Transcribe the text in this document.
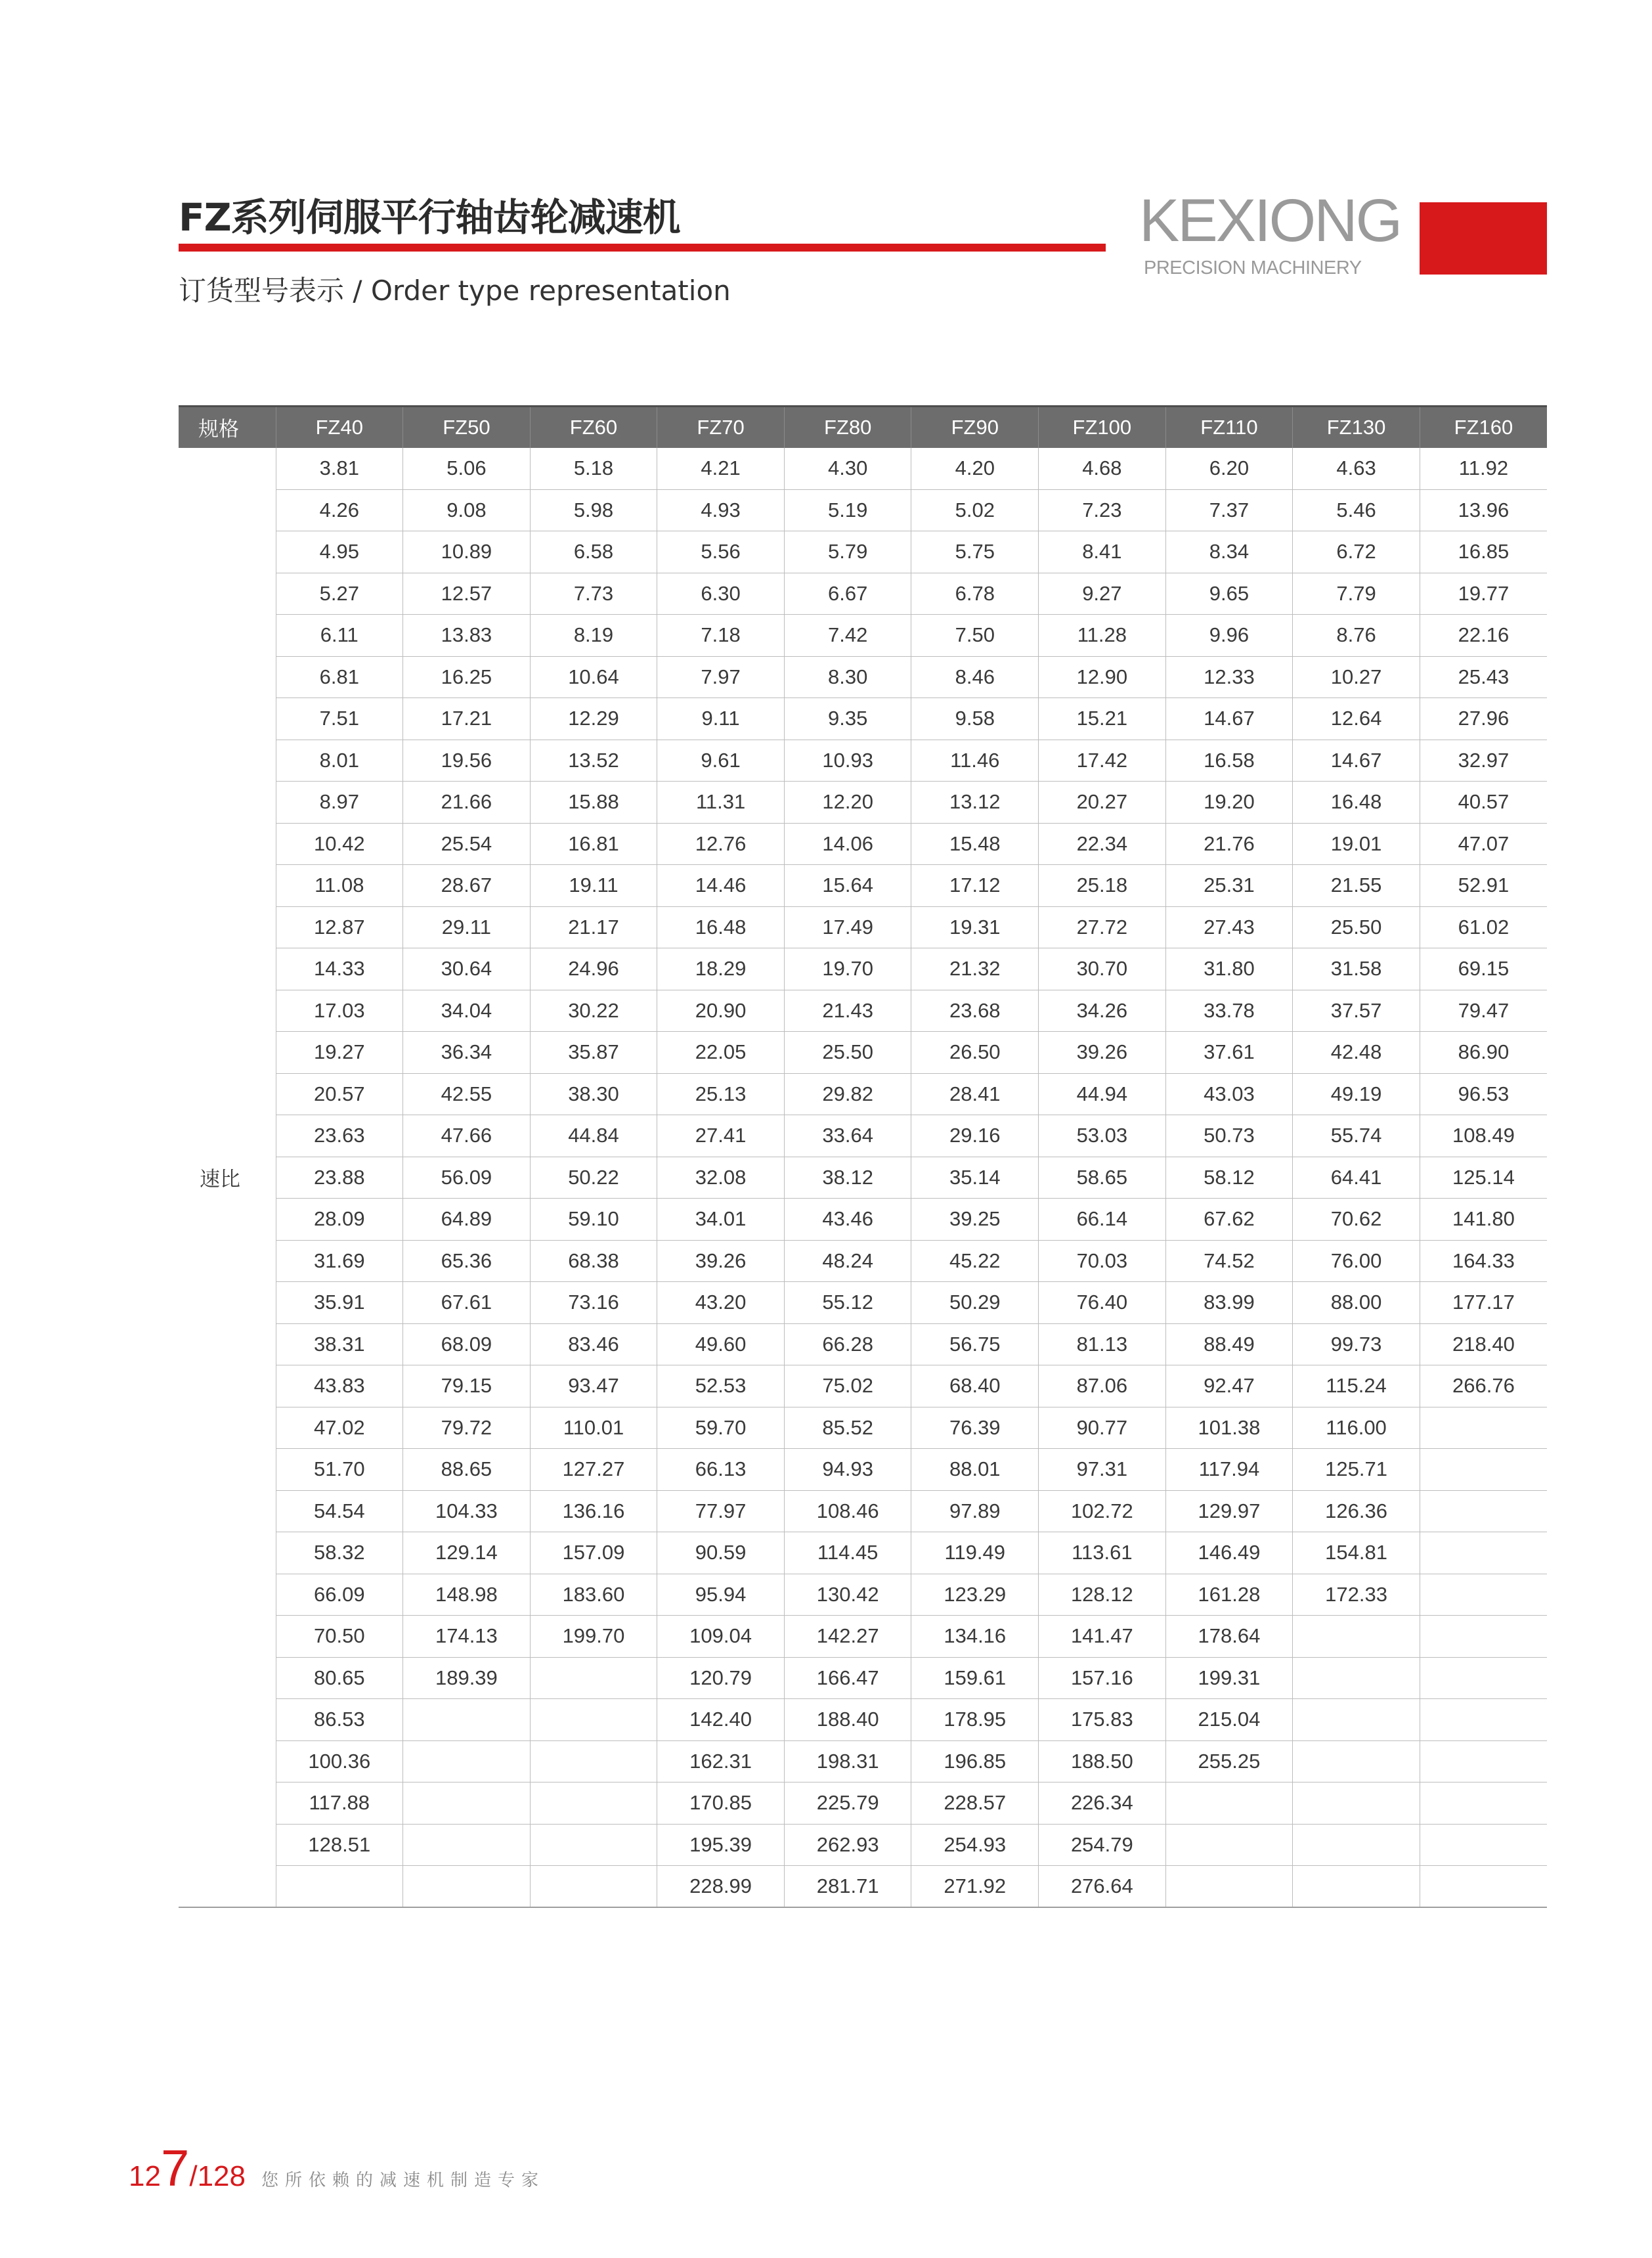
FZ系列伺服平行轴齿轮减速机
订货型号表示 / Order type representation
KEXIONG
PRECISION MACHINERY
规格	FZ40	FZ50	FZ60	FZ70	FZ80	FZ90	FZ100	FZ110	FZ130	FZ160
速比	3.81	5.06	5.18	4.21	4.30	4.20	4.68	6.20	4.63	11.92
	4.26	9.08	5.98	4.93	5.19	5.02	7.23	7.37	5.46	13.96
	4.95	10.89	6.58	5.56	5.79	5.75	8.41	8.34	6.72	16.85
	5.27	12.57	7.73	6.30	6.67	6.78	9.27	9.65	7.79	19.77
	6.11	13.83	8.19	7.18	7.42	7.50	11.28	9.96	8.76	22.16
	6.81	16.25	10.64	7.97	8.30	8.46	12.90	12.33	10.27	25.43
	7.51	17.21	12.29	9.11	9.35	9.58	15.21	14.67	12.64	27.96
	8.01	19.56	13.52	9.61	10.93	11.46	17.42	16.58	14.67	32.97
	8.97	21.66	15.88	11.31	12.20	13.12	20.27	19.20	16.48	40.57
	10.42	25.54	16.81	12.76	14.06	15.48	22.34	21.76	19.01	47.07
	11.08	28.67	19.11	14.46	15.64	17.12	25.18	25.31	21.55	52.91
	12.87	29.11	21.17	16.48	17.49	19.31	27.72	27.43	25.50	61.02
	14.33	30.64	24.96	18.29	19.70	21.32	30.70	31.80	31.58	69.15
	17.03	34.04	30.22	20.90	21.43	23.68	34.26	33.78	37.57	79.47
	19.27	36.34	35.87	22.05	25.50	26.50	39.26	37.61	42.48	86.90
	20.57	42.55	38.30	25.13	29.82	28.41	44.94	43.03	49.19	96.53
	23.63	47.66	44.84	27.41	33.64	29.16	53.03	50.73	55.74	108.49
	23.88	56.09	50.22	32.08	38.12	35.14	58.65	58.12	64.41	125.14
	28.09	64.89	59.10	34.01	43.46	39.25	66.14	67.62	70.62	141.80
	31.69	65.36	68.38	39.26	48.24	45.22	70.03	74.52	76.00	164.33
	35.91	67.61	73.16	43.20	55.12	50.29	76.40	83.99	88.00	177.17
	38.31	68.09	83.46	49.60	66.28	56.75	81.13	88.49	99.73	218.40
	43.83	79.15	93.47	52.53	75.02	68.40	87.06	92.47	115.24	266.76
	47.02	79.72	110.01	59.70	85.52	76.39	90.77	101.38	116.00	
	51.70	88.65	127.27	66.13	94.93	88.01	97.31	117.94	125.71	
	54.54	104.33	136.16	77.97	108.46	97.89	102.72	129.97	126.36	
	58.32	129.14	157.09	90.59	114.45	119.49	113.61	146.49	154.81	
	66.09	148.98	183.60	95.94	130.42	123.29	128.12	161.28	172.33	
	70.50	174.13	199.70	109.04	142.27	134.16	141.47	178.64		
	80.65	189.39		120.79	166.47	159.61	157.16	199.31		
	86.53			142.40	188.40	178.95	175.83	215.04		
	100.36			162.31	198.31	196.85	188.50	255.25		
	117.88			170.85	225.79	228.57	226.34			
	128.51			195.39	262.93	254.93	254.79			
				228.99	281.71	271.92	276.64			
127/128 您所依赖的减速机制造专家
